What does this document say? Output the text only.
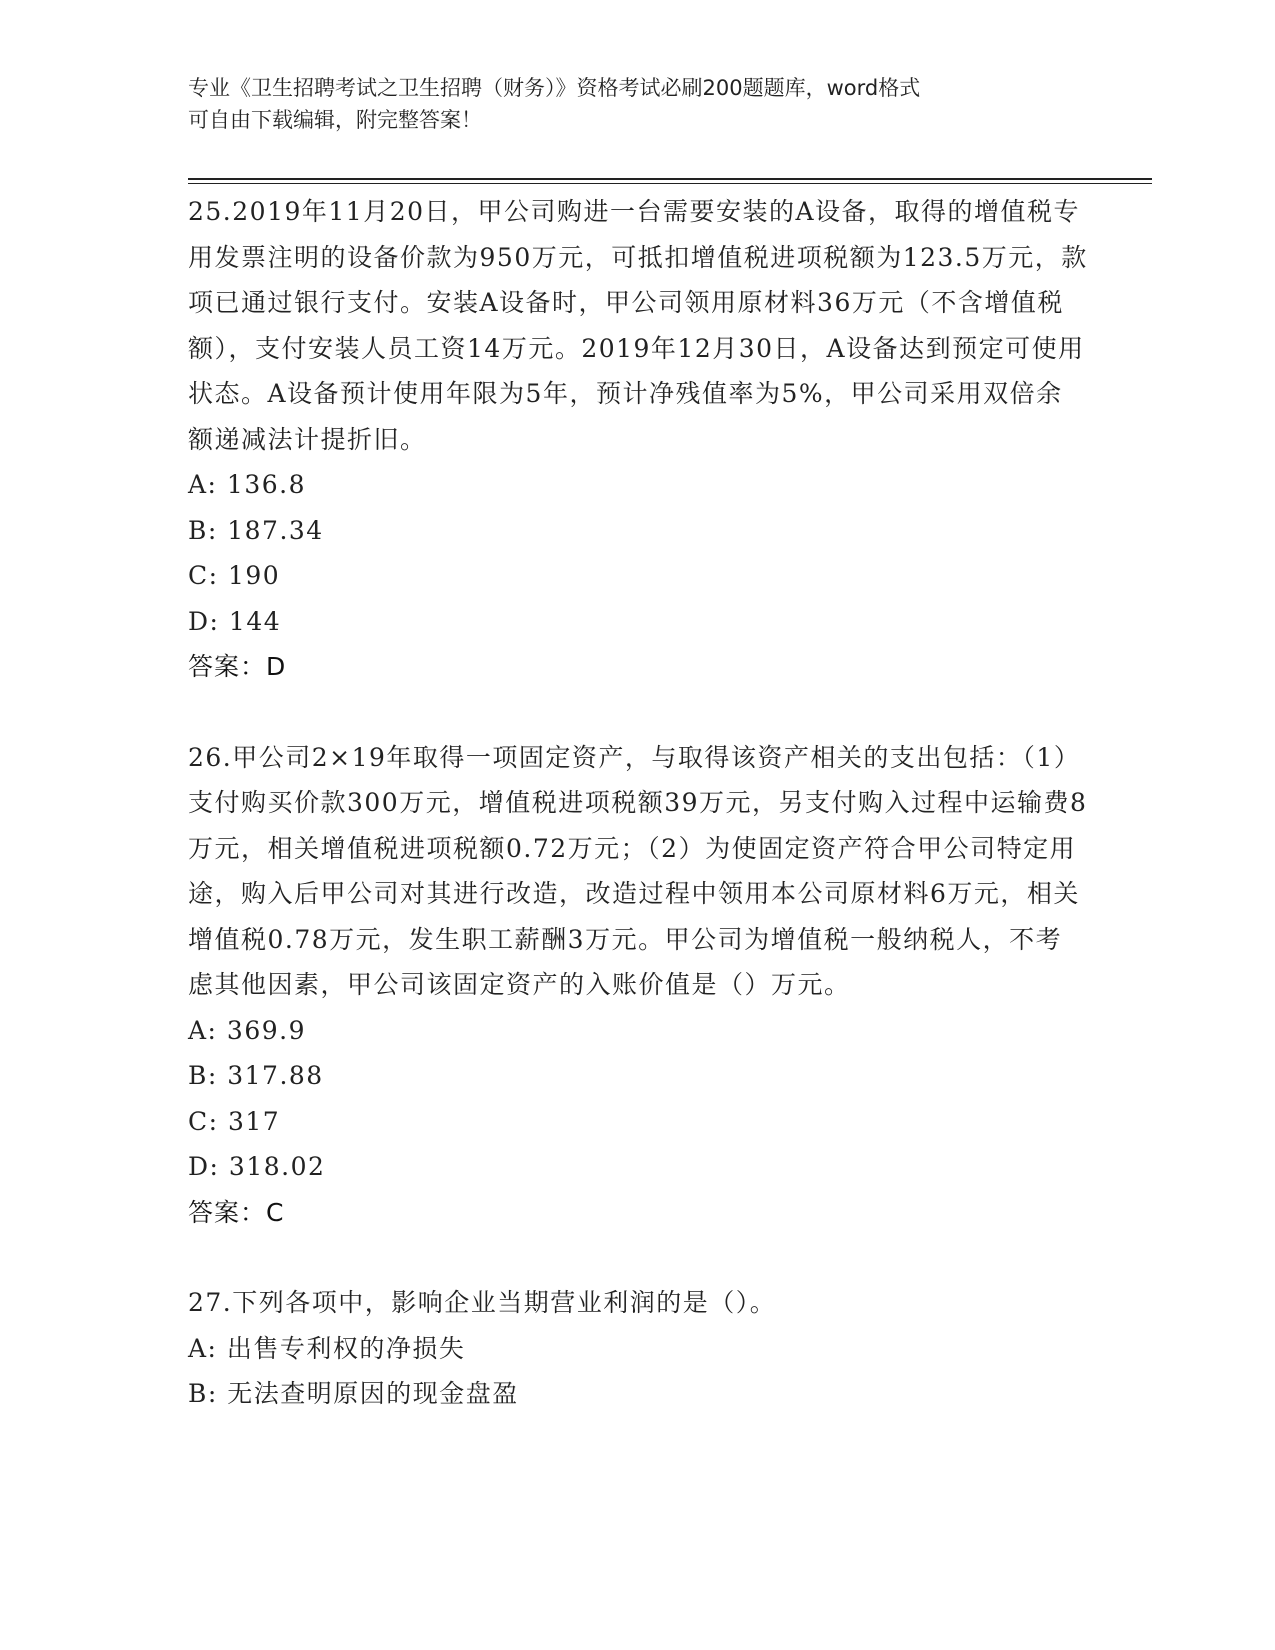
专业《卫生招聘考试之卫生招聘（财务）》资格考试必刷200题题库，word格式
可自由下载编辑，附完整答案！

25.2019年11月20日，甲公司购进一台需要安装的A设备，取得的增值税专用发票注明的设备价款为950万元，可抵扣增值税进项税额为123.5万元，款项已通过银行支付。安装A设备时，甲公司领用原材料36万元（不含增值税额），支付安装人员工资14万元。2019年12月30日，A设备达到预定可使用状态。A设备预计使用年限为5年，预计净残值率为5%，甲公司采用双倍余额递减法计提折旧。

A: 136.8

B: 187.34

C: 190

D: 144

答案：D

26.甲公司2×19年取得一项固定资产，与取得该资产相关的支出包括：（1）支付购买价款300万元，增值税进项税额39万元，另支付购入过程中运输费8万元，相关增值税进项税额0.72万元；（2）为使固定资产符合甲公司特定用途，购入后甲公司对其进行改造，改造过程中领用本公司原材料6万元，相关增值税0.78万元，发生职工薪酬3万元。甲公司为增值税一般纳税人，不考虑其他因素，甲公司该固定资产的入账价值是（）万元。

A: 369.9

B: 317.88

C: 317

D: 318.02

答案：C

27.下列各项中，影响企业当期营业利润的是（）。

A: 出售专利权的净损失

B: 无法查明原因的现金盘盈
